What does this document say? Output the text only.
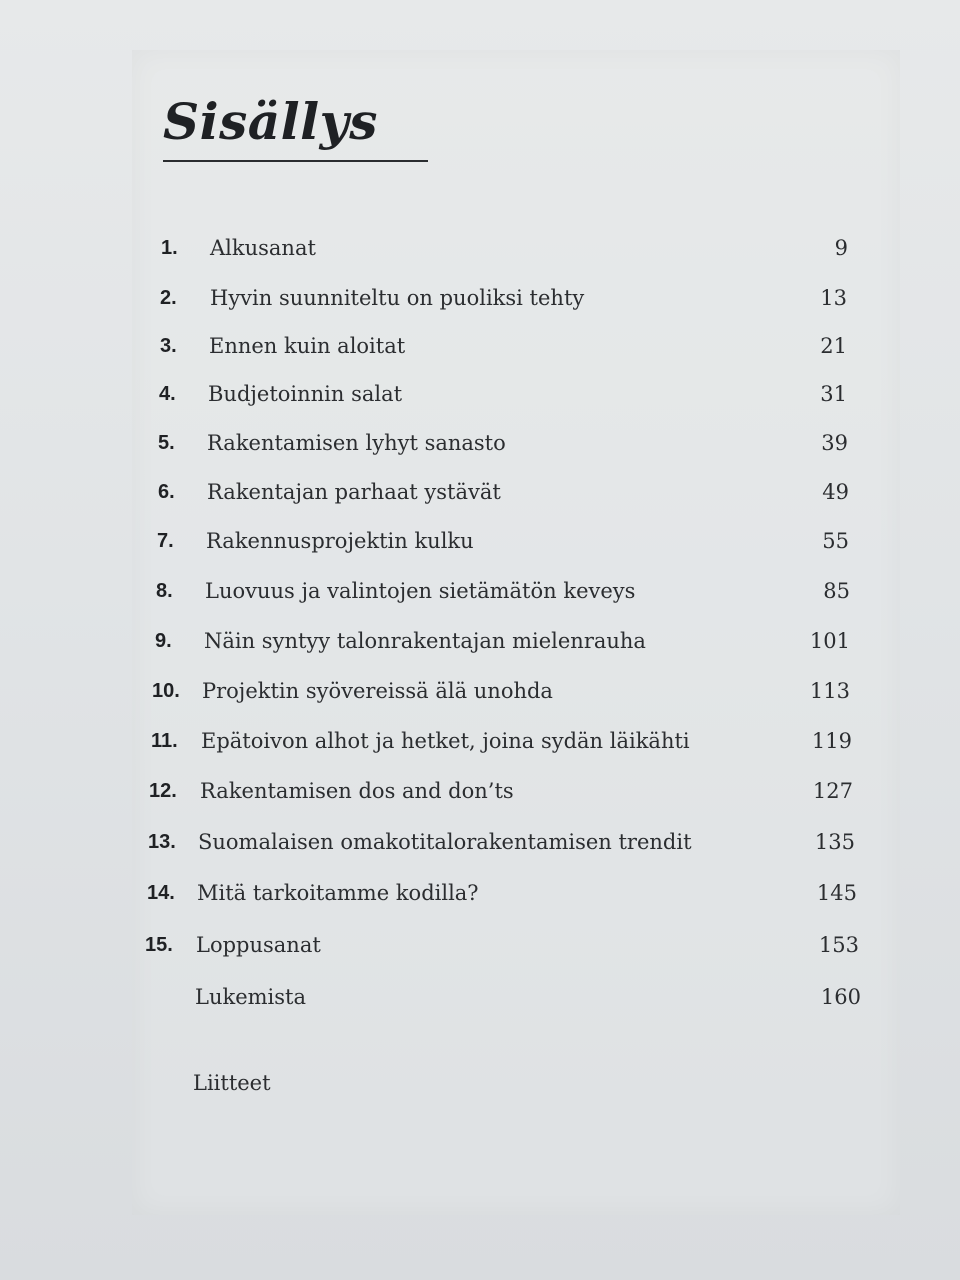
Sisällys
1. Alkusanat	9
2. Hyvin suunniteltu on puoliksi tehty	13
3. Ennen kuin aloitat	21
4. Budjetoinnin salat	31
5. Rakentamisen lyhyt sanasto	39
6. Rakentajan parhaat ystävät	49
7. Rakennusprojektin kulku	55
8. Luovuus ja valintojen sietämätön keveys	85
9. Näin syntyy talonrakentajan mielenrauha	101
10. Projektin syövereissä älä unohda	113
11. Epätoivon alhot ja hetket, joina sydän läikähti	119
12. Rakentamisen dos and don’ts	127
13. Suomalaisen omakotitalorakentamisen trendit	135
14. Mitä tarkoitamme kodilla?	145
15. Loppusanat	153
Lukemista	160
Liitteet
